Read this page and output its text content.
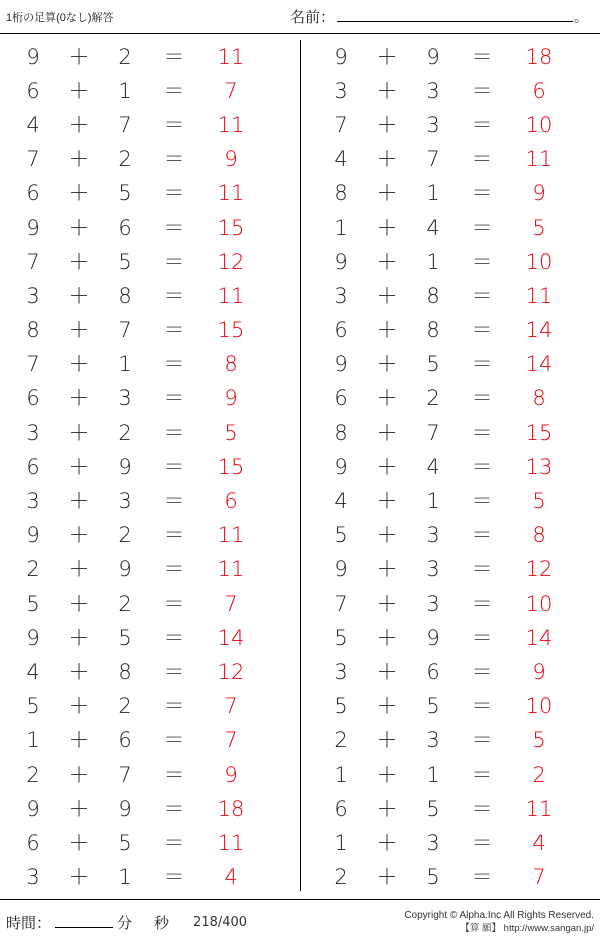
1桁の足算(0なし)解答	名前：	。
9	＋	2	＝	11
6	＋	1	＝	7
4	＋	7	＝	11
7	＋	2	＝	9
6	＋	5	＝	11
9	＋	6	＝	15
7	＋	5	＝	12
3	＋	8	＝	11
8	＋	7	＝	15
7	＋	1	＝	8
6	＋	3	＝	9
3	＋	2	＝	5
6	＋	9	＝	15
3	＋	3	＝	6
9	＋	2	＝	11
2	＋	9	＝	11
5	＋	2	＝	7
9	＋	5	＝	14
4	＋	8	＝	12
5	＋	2	＝	7
1	＋	6	＝	7
2	＋	7	＝	9
9	＋	9	＝	18
6	＋	5	＝	11
3	＋	1	＝	4
9	＋	9	＝	18
3	＋	3	＝	6
7	＋	3	＝	10
4	＋	7	＝	11
8	＋	1	＝	9
1	＋	4	＝	5
9	＋	1	＝	10
3	＋	8	＝	11
6	＋	8	＝	14
9	＋	5	＝	14
6	＋	2	＝	8
8	＋	7	＝	15
9	＋	4	＝	13
4	＋	1	＝	5
5	＋	3	＝	8
9	＋	3	＝	12
7	＋	3	＝	10
5	＋	9	＝	14
3	＋	6	＝	9
5	＋	5	＝	10
2	＋	3	＝	5
1	＋	1	＝	2
6	＋	5	＝	11
1	＋	3	＝	4
2	＋	5	＝	7
時間：	分 秒 218/400	Copyright © Alpha.Inc All Rights Reserved.
【算 願】 http://www.sangan.jp/
